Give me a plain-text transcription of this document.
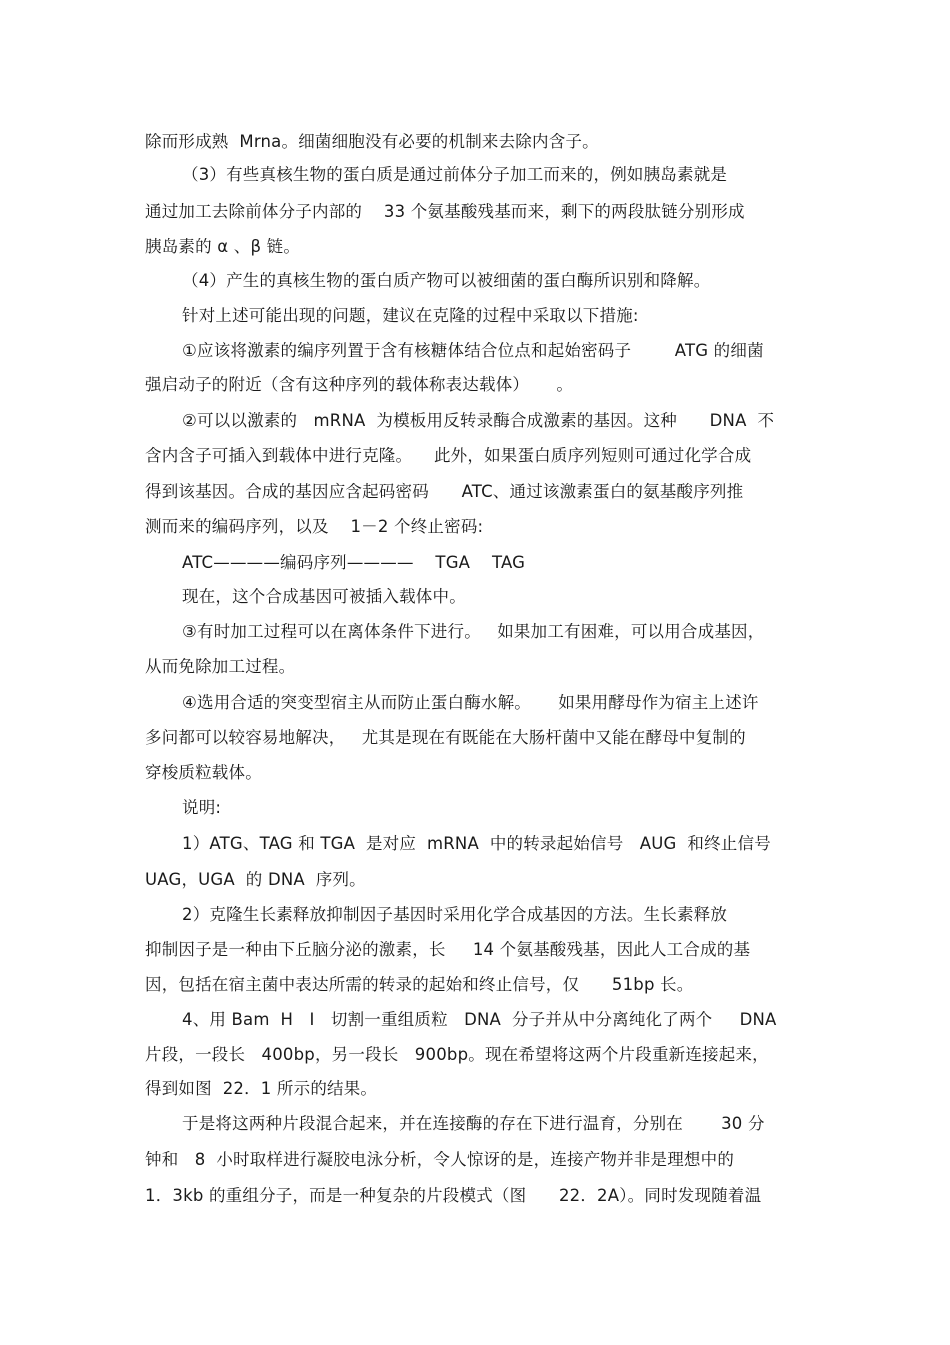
除而形成熟  Mrna。细菌细胞没有必要的机制来去除内含子。
（3）有些真核生物的蛋白质是通过前体分子加工而来的，例如胰岛素就是
通过加工去除前体分子内部的    33 个氨基酸残基而来，剩下的两段肽链分别形成
胰岛素的 α 、β 链。
（4）产生的真核生物的蛋白质产物可以被细菌的蛋白酶所识别和降解。
针对上述可能出现的问题，建议在克隆的过程中采取以下措施:
①应该将激素的编序列置于含有核糖体结合位点和起始密码子        ATG 的细菌
强启动子的附近（含有这种序列的载体称表达载体）     。
②可以以激素的   mRNA  为模板用反转录酶合成激素的基因。这种      DNA  不
含内含子可插入到载体中进行克隆。    此外，如果蛋白质序列短则可通过化学合成
得到该基因。合成的基因应含起码密码      ATC、通过该激素蛋白的氨基酸序列推
测而来的编码序列，以及    1－2 个终止密码:
ATC————编码序列————    TGA    TAG
现在，这个合成基因可被插入载体中。
③有时加工过程可以在离体条件下进行。   如果加工有困难，可以用合成基因，
从而免除加工过程。
④选用合适的突变型宿主从而防止蛋白酶水解。     如果用酵母作为宿主上述许
多问都可以较容易地解决，   尤其是现在有既能在大肠杆菌中又能在酵母中复制的
穿梭质粒载体。
说明:
1）ATG、TAG 和 TGA  是对应  mRNA  中的转录起始信号   AUG  和终止信号
UAG，UGA  的 DNA  序列。
2）克隆生长素释放抑制因子基因时采用化学合成基因的方法。生长素释放
抑制因子是一种由下丘脑分泌的激素，长     14 个氨基酸残基，因此人工合成的基
因，包括在宿主菌中表达所需的转录的起始和终止信号，仅      51bp 长。
4、用 Bam  H   I   切割一重组质粒   DNA  分子并从中分离纯化了两个     DNA
片段，一段长   400bp，另一段长   900bp。现在希望将这两个片段重新连接起来，
得到如图  22．1 所示的结果。
于是将这两种片段混合起来，并在连接酶的存在下进行温育，分别在       30 分
钟和   8  小时取样进行凝胶电泳分析，令人惊讶的是，连接产物并非是理想中的
1．3kb 的重组分子，而是一种复杂的片段模式（图      22．2A）。同时发现随着温
